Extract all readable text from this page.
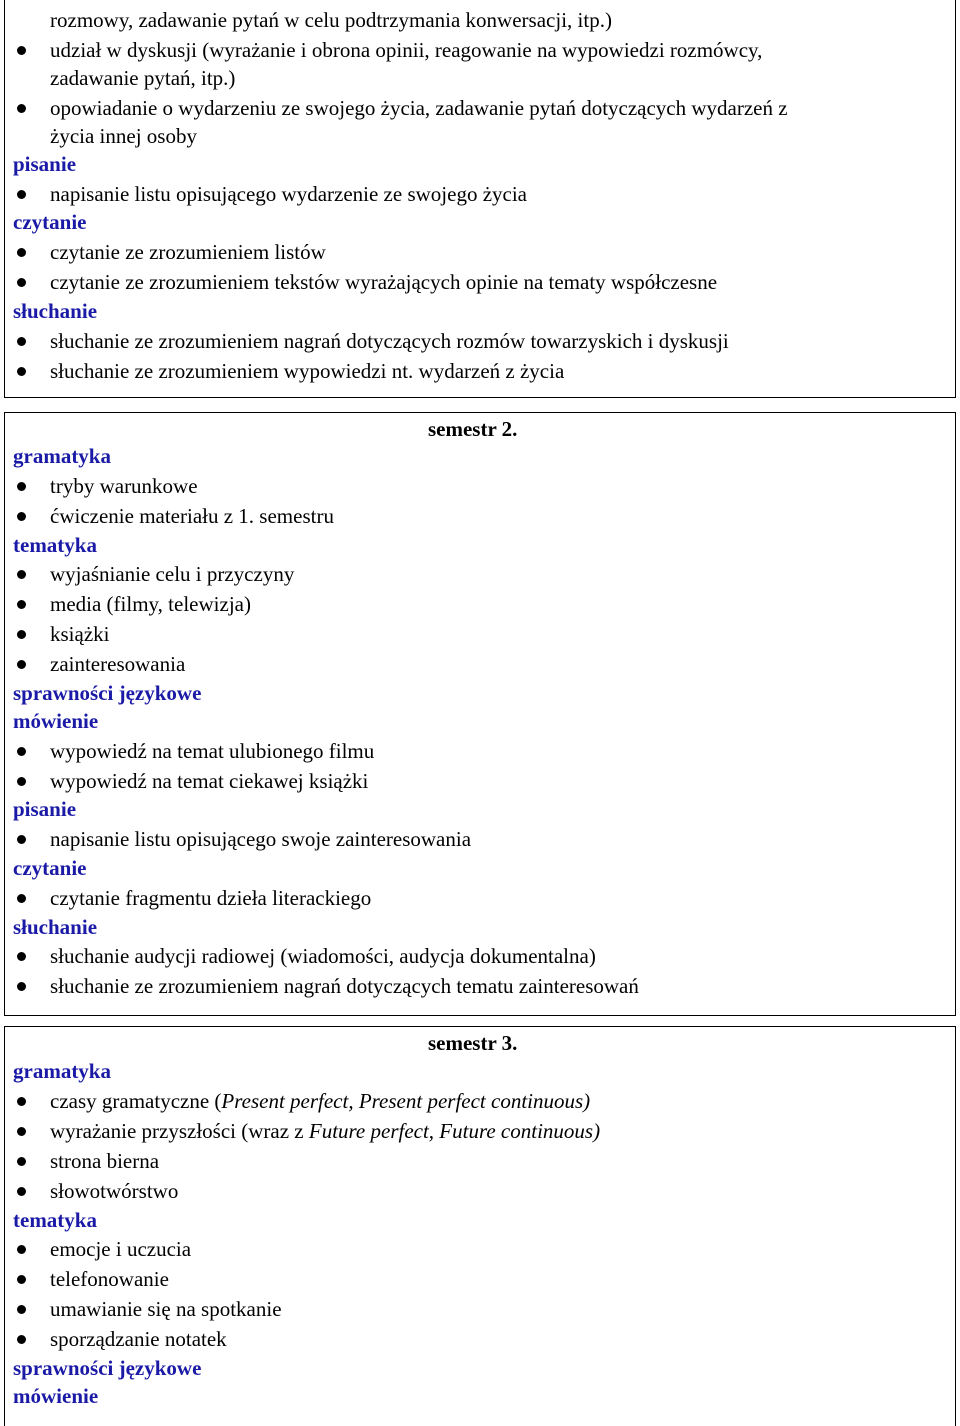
rozmowy, zadawanie pytań w celu podtrzymania konwersacji, itp.)
udział w dyskusji (wyrażanie i obrona opinii, reagowanie na wypowiedzi rozmówcy,
zadawanie pytań, itp.)
opowiadanie o wydarzeniu ze swojego życia, zadawanie pytań dotyczących wydarzeń z
życia innej osoby
pisanie
napisanie listu opisującego wydarzenie ze swojego życia
czytanie
czytanie ze zrozumieniem listów
czytanie ze zrozumieniem tekstów wyrażających opinie na tematy współczesne
słuchanie
słuchanie ze zrozumieniem nagrań dotyczących rozmów towarzyskich i dyskusji
słuchanie ze zrozumieniem wypowiedzi nt. wydarzeń z życia
semestr 2.
gramatyka
tryby warunkowe
ćwiczenie materiału z 1. semestru
tematyka
wyjaśnianie celu i przyczyny
media (filmy, telewizja)
książki
zainteresowania
sprawności językowe
mówienie
wypowiedź na temat ulubionego filmu
wypowiedź na temat ciekawej książki
pisanie
napisanie listu opisującego swoje zainteresowania
czytanie
czytanie fragmentu dzieła literackiego
słuchanie
słuchanie audycji radiowej (wiadomości, audycja dokumentalna)
słuchanie ze zrozumieniem nagrań dotyczących tematu zainteresowań
semestr 3.
gramatyka
czasy gramatyczne (Present perfect, Present perfect continuous)
wyrażanie przyszłości (wraz z Future perfect, Future continuous)
strona bierna
słowotwórstwo
tematyka
emocje i uczucia
telefonowanie
umawianie się na spotkanie
sporządzanie notatek
sprawności językowe
mówienie
